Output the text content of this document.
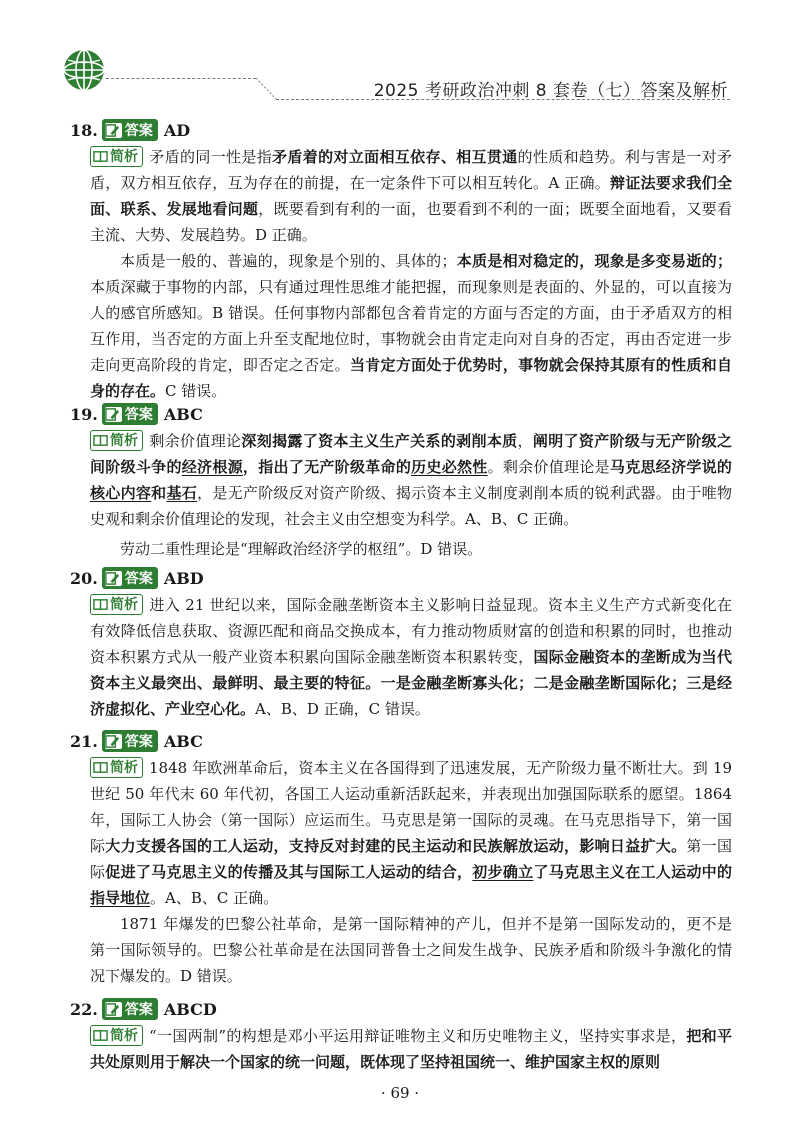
2025 考研政治冲刺 8 套卷（七）答案及解析
18. 答案 AD

简析 矛盾的同一性是指矛盾着的对立面相互依存、相互贯通的性质和趋势。利与害是一对矛盾，双方相互依存，互为存在的前提，在一定条件下可以相互转化。A 正确。辩证法要求我们全面、联系、发展地看问题，既要看到有利的一面，也要看到不利的一面；既要全面地看，又要看主流、大势、发展趋势。D 正确。

本质是一般的、普遍的，现象是个别的、具体的；本质是相对稳定的，现象是多变易逝的；本质深藏于事物的内部，只有通过理性思维才能把握，而现象则是表面的、外显的，可以直接为人的感官所感知。B 错误。任何事物内部都包含着肯定的方面与否定的方面，由于矛盾双方的相互作用，当否定的方面上升至支配地位时，事物就会由肯定走向对自身的否定，再由否定进一步走向更高阶段的肯定，即否定之否定。当肯定方面处于优势时，事物就会保持其原有的性质和自身的存在。C 错误。

19. 答案 ABC

简析 剩余价值理论深刻揭露了资本主义生产关系的剥削本质，阐明了资产阶级与无产阶级之间阶级斗争的经济根源，指出了无产阶级革命的历史必然性。剩余价值理论是马克思经济学说的核心内容和基石，是无产阶级反对资产阶级、揭示资本主义制度剥削本质的锐利武器。由于唯物史观和剩余价值理论的发现，社会主义由空想变为科学。A、B、C 正确。

劳动二重性理论是“理解政治经济学的枢纽”。D 错误。

20. 答案 ABD

简析 进入 21 世纪以来，国际金融垄断资本主义影响日益显现。资本主义生产方式新变化在有效降低信息获取、资源匹配和商品交换成本，有力推动物质财富的创造和积累的同时，也推动资本积累方式从一般产业资本积累向国际金融垄断资本积累转变，国际金融资本的垄断成为当代资本主义最突出、最鲜明、最主要的特征。一是金融垄断寡头化；二是金融垄断国际化；三是经济虚拟化、产业空心化。A、B、D 正确，C 错误。

21. 答案 ABC

简析 1848 年欧洲革命后，资本主义在各国得到了迅速发展，无产阶级力量不断壮大。到 19 世纪 50 年代末 60 年代初，各国工人运动重新活跃起来，并表现出加强国际联系的愿望。1864 年，国际工人协会（第一国际）应运而生。马克思是第一国际的灵魂。在马克思指导下，第一国际大力支援各国的工人运动，支持反对封建的民主运动和民族解放运动，影响日益扩大。第一国际促进了马克思主义的传播及其与国际工人运动的结合，初步确立了马克思主义在工人运动中的指导地位。A、B、C 正确。

1871 年爆发的巴黎公社革命，是第一国际精神的产儿，但并不是第一国际发动的，更不是第一国际领导的。巴黎公社革命是在法国同普鲁士之间发生战争、民族矛盾和阶级斗争激化的情况下爆发的。D 错误。

22. 答案 ABCD

简析 “一国两制”的构想是邓小平运用辩证唯物主义和历史唯物主义，坚持实事求是，把和平共处原则用于解决一个国家的统一问题，既体现了坚持祖国统一、维护国家主权的原则

· 69 ·
